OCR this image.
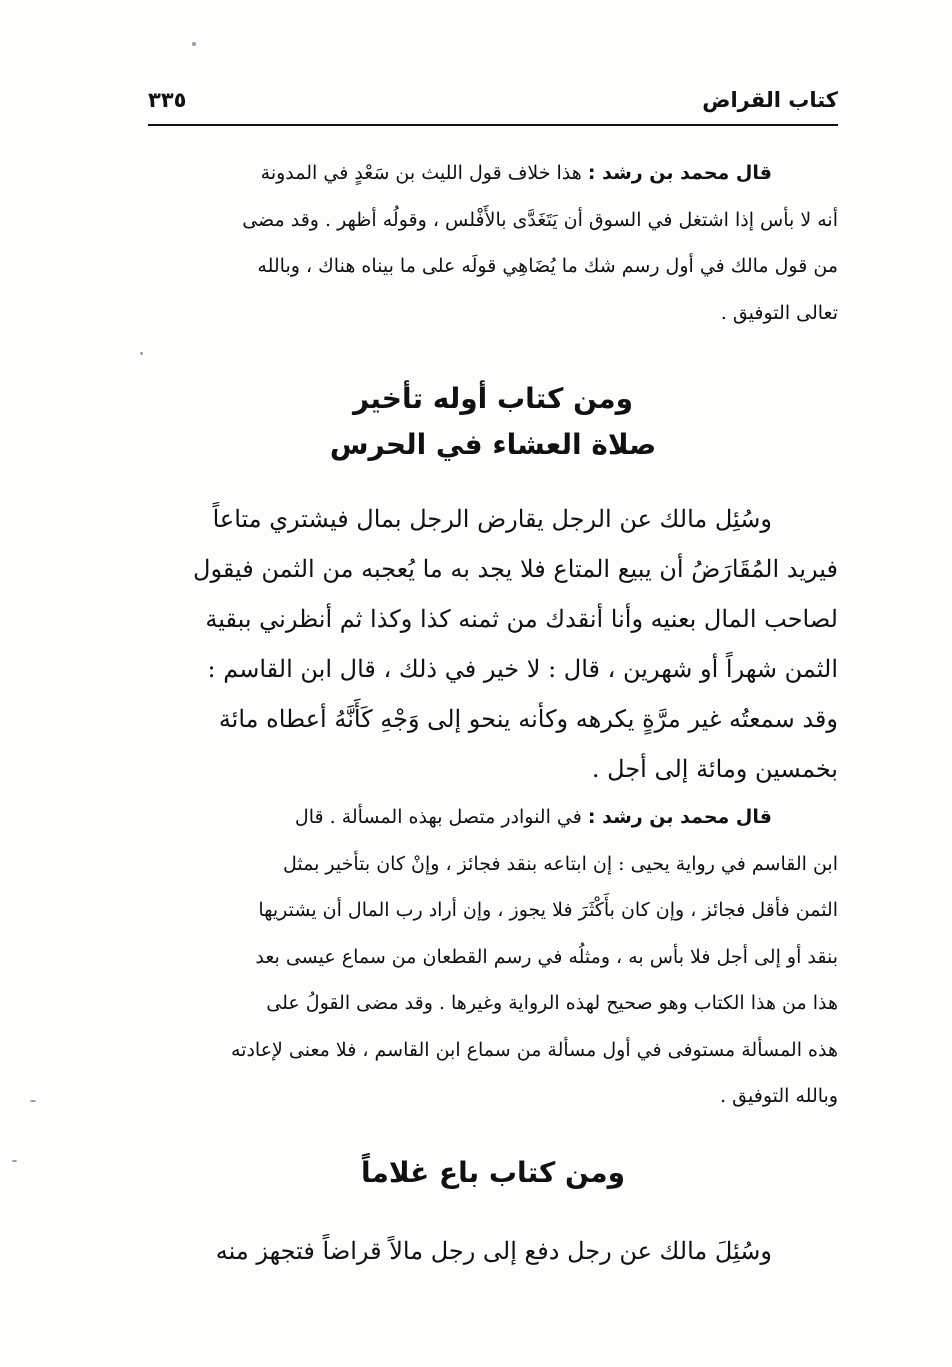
كتاب القراض
٣٣٥
قال محمد بن رشد : هذا خلاف قول الليث بن سَعْدٍ في المدونة
أنه لا بأس إذا اشتغل في السوق أن يَتَغَدَّى بالأَفْلس ، وقولُه أظهر . وقد مضى
من قول مالك في أول رسم شك ما يُضَاهِي قولَه على ما بيناه هناك ، وبالله
تعالى التوفيق .
ومن كتاب أوله تأخير
صلاة العشاء في الحرس
وسُئِل مالك عن الرجل يقارض الرجل بمال فيشتري متاعاً
فيريد المُقَارَضُ أن يبيع المتاع فلا يجد به ما يُعجبه من الثمن فيقول
لصاحب المال بعنيه وأنا أنقدك من ثمنه كذا وكذا ثم أنظرني ببقية
الثمن شهراً أو شهرين ، قال : لا خير في ذلك ، قال ابن القاسم :
وقد سمعتُه غير مرَّةٍ يكرهه وكأنه ينحو إلى وَجْهِ كَأَنَّهُ أعطاه مائة
بخمسين ومائة إلى أجل .
قال محمد بن رشد : في النوادر متصل بهذه المسألة . قال
ابن القاسم في رواية يحيى : إن ابتاعه بنقد فجائز ، وإنْ كان بتأخير بمثل
الثمن فأقل فجائز ، وإن كان بأَكْثَرَ فلا يجوز ، وإن أراد رب المال أن يشتريها
بنقد أو إلى أجل فلا بأس به ، ومثلُه في رسم القطعان من سماع عيسى بعد
هذا من هذا الكتاب وهو صحيح لهذه الرواية وغيرها . وقد مضى القولُ على
هذه المسألة مستوفى في أول مسألة من سماع ابن القاسم ، فلا معنى لإعادته
وبالله التوفيق .
ومن كتاب باع غلاماً
وسُئِلَ مالك عن رجل دفع إلى رجل مالاً قراضاً فتجهز منه
